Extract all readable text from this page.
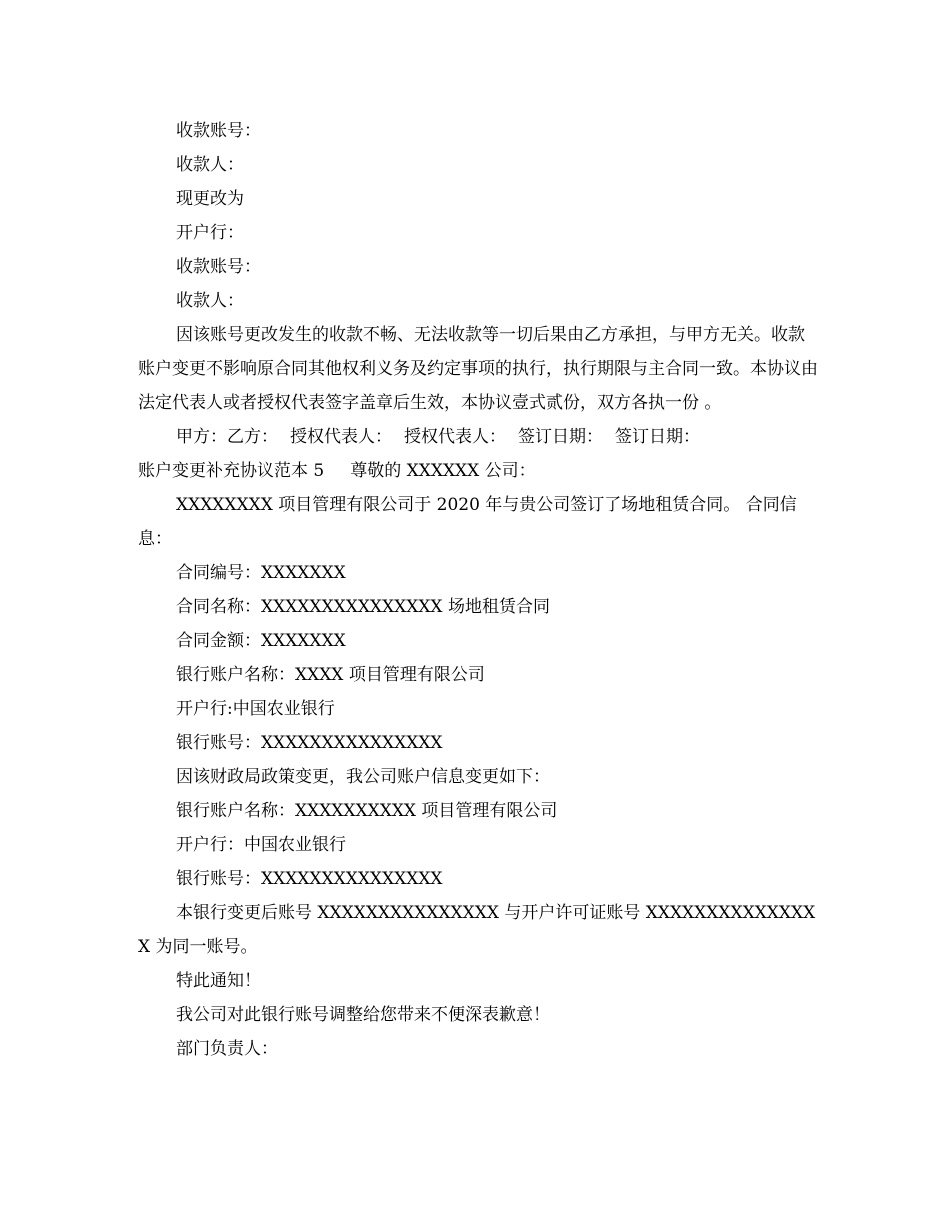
收款账号：

收款人：

现更改为

开户行：

收款账号：

收款人：

因该账号更改发生的收款不畅、无法收款等一切后果由乙方承担，与甲方无关。收款账户变更不影响原合同其他权利义务及约定事项的执行，执行期限与主合同一致。本协议由法定代表人或者授权代表签字盖章后生效，本协议壹式贰份，双方各执一份 。

甲方：乙方： 授权代表人： 授权代表人： 签订日期： 签订日期：

账户变更补充协议范本 5 尊敬的 XXXXXX 公司：

XXXXXXXX 项目管理有限公司于 2020 年与贵公司签订了场地租赁合同。 合同信息：

合同编号：XXXXXXX

合同名称：XXXXXXXXXXXXXXX 场地租赁合同

合同金额：XXXXXXX

银行账户名称：XXXX 项目管理有限公司

开户行:中国农业银行

银行账号：XXXXXXXXXXXXXXX

因该财政局政策变更，我公司账户信息变更如下：

银行账户名称：XXXXXXXXXX 项目管理有限公司

开户行：中国农业银行

银行账号：XXXXXXXXXXXXXXX

本银行变更后账号 XXXXXXXXXXXXXXX 与开户许可证账号 XXXXXXXXXXXXXXX 为同一账号。

特此通知！

我公司对此银行账号调整给您带来不便深表歉意！

部门负责人：
